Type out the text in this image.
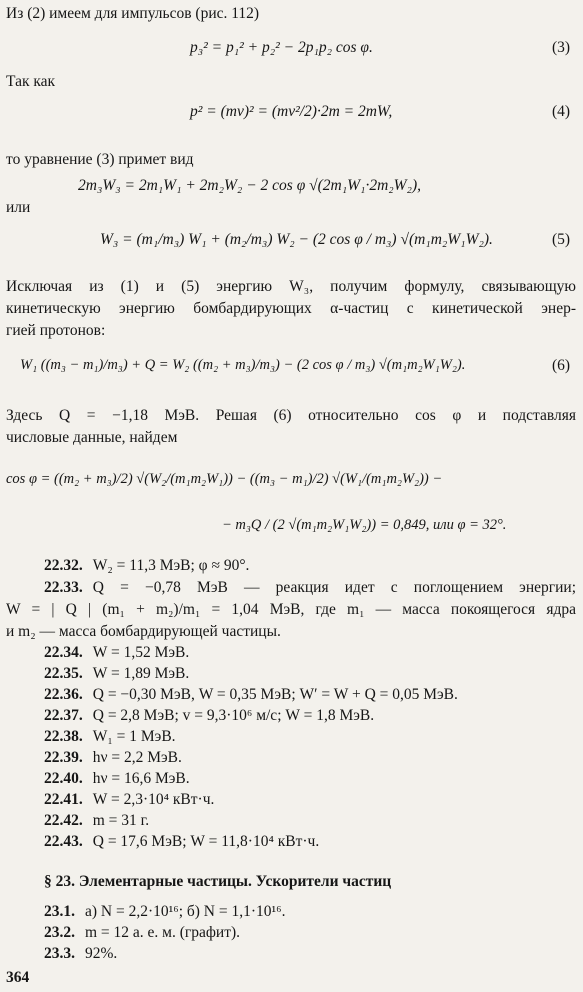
Из (2) имеем для импульсов (рис. 112)
p₃² = p₁² + p₂² − 2p₁p₂ cos φ.	(3)
Так как
p² = (mv)² = (mv²/2)·2m = 2mW,	(4)
то уравнение (3) примет вид
2m₃W₃ = 2m₁W₁ + 2m₂W₂ − 2 cos φ √(2m₁W₁·2m₂W₂),
или
W₃ = (m₁/m₃) W₁ + (m₂/m₃) W₂ − (2 cos φ / m₃) √(m₁m₂W₁W₂).	(5)
Исключая из (1) и (5) энергию W₃, получим формулу, связывающую
кинетическую энергию бомбардирующих α-частиц с кинетической энер-
гией протонов:
W₁ ((m₃ − m₁)/m₃) + Q = W₂ ((m₂ + m₃)/m₃) − (2 cos φ / m₃) √(m₁m₂W₁W₂).	(6)
Здесь Q = −1,18 МэВ. Решая (6) относительно cos φ и подставляя
числовые данные, найдем
cos φ = ((m₂ + m₃)/2) √(W₂/(m₁m₂W₁)) − ((m₃ − m₁)/2) √(W₁/(m₁m₂W₂)) −
− m₃Q / (2 √(m₁m₂W₁W₂)) = 0,849, или φ = 32°.
22.32. W₂ = 11,3 МэВ; φ ≈ 90°.
22.33. Q = −0,78 МэВ — реакция идет с поглощением энергии;
W = | Q | (m₁ + m₂)/m₁ = 1,04 МэВ, где m₁ — масса покоящегося ядра
и m₂ — масса бомбардирующей частицы.
22.34. W = 1,52 МэВ.
22.35. W = 1,89 МэВ.
22.36. Q = −0,30 МэВ, W = 0,35 МэВ; W′ = W + Q = 0,05 МэВ.
22.37. Q = 2,8 МэВ; v = 9,3·10⁶ м/с; W = 1,8 МэВ.
22.38. W₁ = 1 МэВ.
22.39. hν = 2,2 МэВ.
22.40. hν = 16,6 МэВ.
22.41. W = 2,3·10⁴ кВт·ч.
22.42. m = 31 г.
22.43. Q = 17,6 МэВ; W = 11,8·10⁴ кВт·ч.
§ 23. Элементарные частицы. Ускорители частиц
23.1. а) N = 2,2·10¹⁶; б) N = 1,1·10¹⁶.
23.2. m = 12 а. е. м. (графит).
23.3. 92%.
364
